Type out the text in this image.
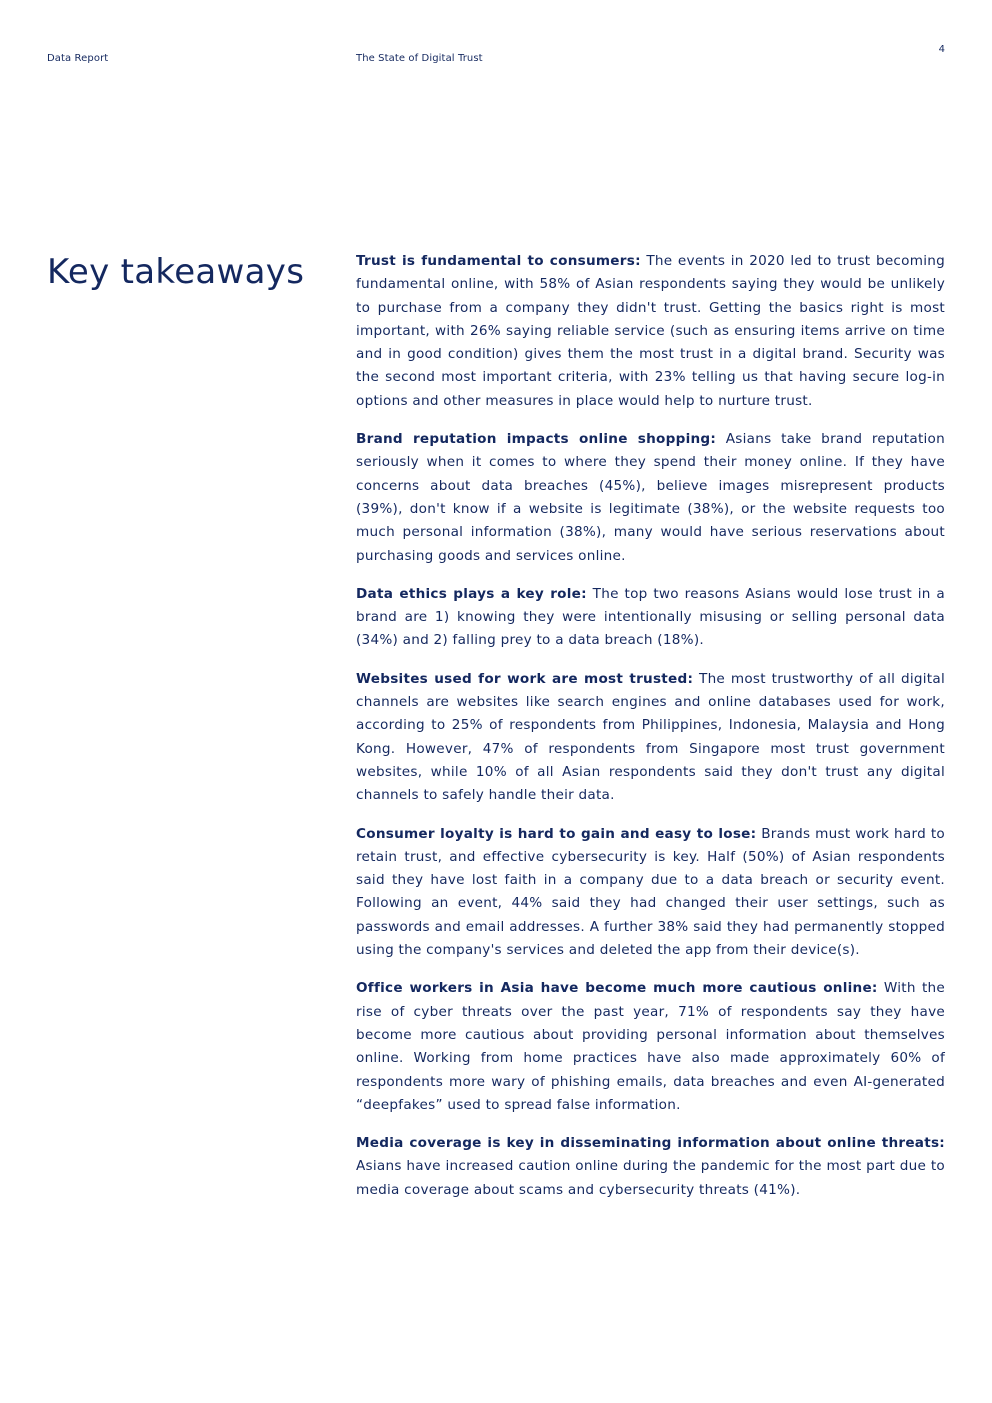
Data Report	The State of Digital Trust
4
Key takeaways	Trust is fundamental to consumers: The events in 2020 led to trust becoming fundamental online, with 58% of Asian respondents saying they would be unlikely to purchase from a company they didn't trust. Getting the basics right is most important, with 26% saying reliable service (such as ensuring items arrive on time and in good condition) gives them the most trust in a digital brand. Security was the second most important criteria, with 23% telling us that having secure log-in options and other measures in place would help to nurture trust.

Brand reputation impacts online shopping: Asians take brand reputation seriously when it comes to where they spend their money online. If they have concerns about data breaches (45%), believe images misrepresent products (39%), don't know if a website is legitimate (38%), or the website requests too much personal information (38%), many would have serious reservations about purchasing goods and services online.

Data ethics plays a key role: The top two reasons Asians would lose trust in a brand are 1) knowing they were intentionally misusing or selling personal data (34%) and 2) falling prey to a data breach (18%).

Websites used for work are most trusted: The most trustworthy of all digital channels are websites like search engines and online databases used for work, according to 25% of respondents from Philippines, Indonesia, Malaysia and Hong Kong. However, 47% of respondents from Singapore most trust government websites, while 10% of all Asian respondents said they don't trust any digital channels to safely handle their data.

Consumer loyalty is hard to gain and easy to lose: Brands must work hard to retain trust, and effective cybersecurity is key. Half (50%) of Asian respondents said they have lost faith in a company due to a data breach or security event. Following an event, 44% said they had changed their user settings, such as passwords and email addresses. A further 38% said they had permanently stopped using the company's services and deleted the app from their device(s).

Office workers in Asia have become much more cautious online: With the rise of cyber threats over the past year, 71% of respondents say they have become more cautious about providing personal information about themselves online. Working from home practices have also made approximately 60% of respondents more wary of phishing emails, data breaches and even AI-generated “deepfakes” used to spread false information.

Media coverage is key in disseminating information about online threats: Asians have increased caution online during the pandemic for the most part due to media coverage about scams and cybersecurity threats (41%).
